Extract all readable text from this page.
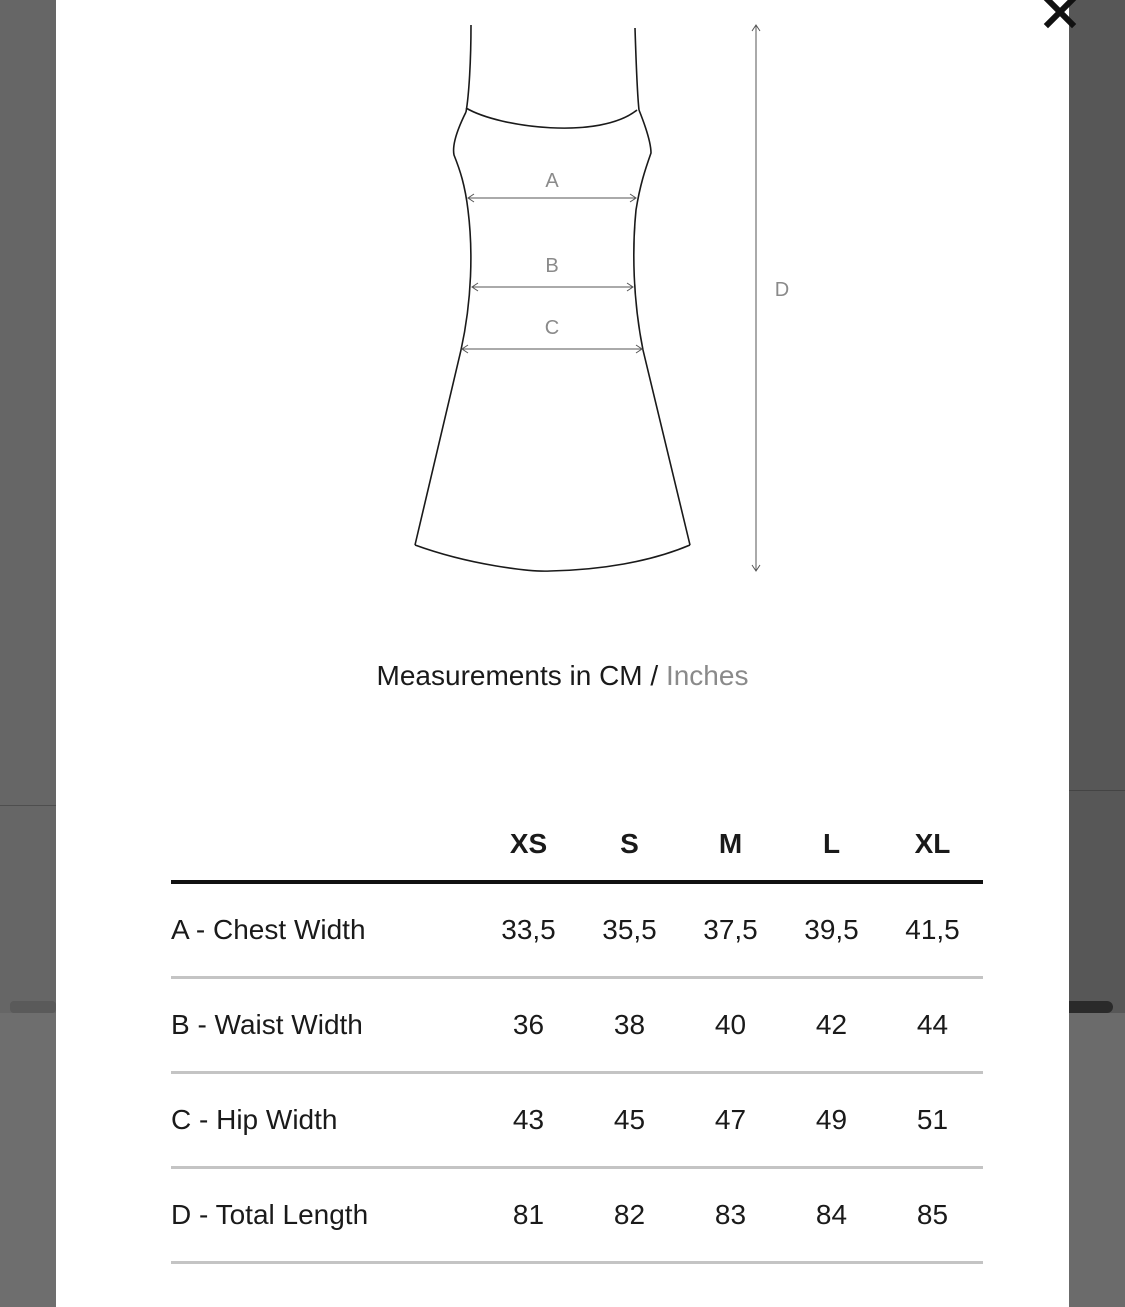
A
B
C
D
Measurements in CM / Inches
	XS	S	M	L	XL
A - Chest Width	33,5	35,5	37,5	39,5	41,5
B - Waist Width	36	38	40	42	44
C - Hip Width	43	45	47	49	51
D - Total Length	81	82	83	84	85
